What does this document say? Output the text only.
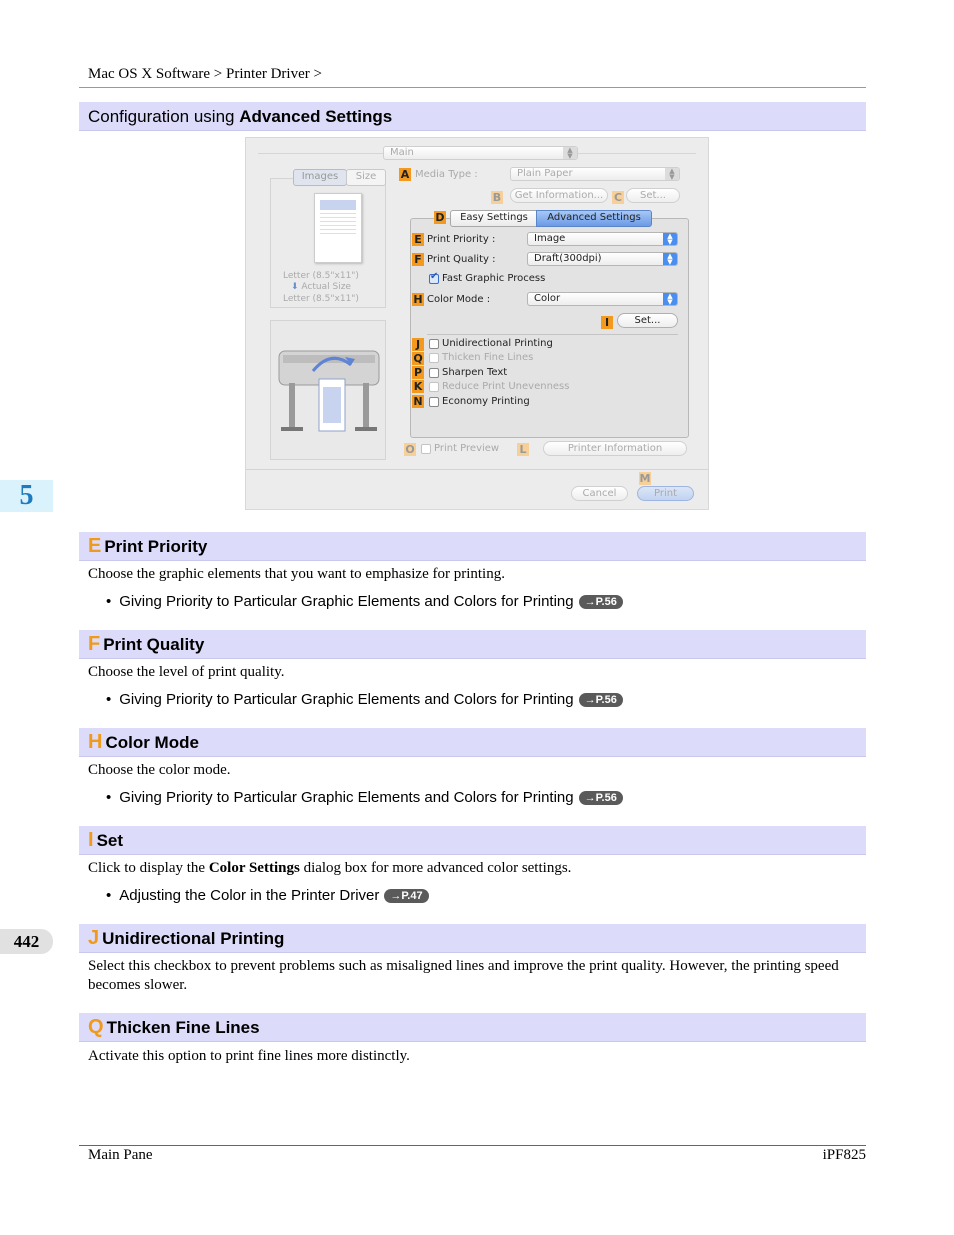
Mac OS X Software > Printer Driver >
Configuration using Advanced Settings
Main	▲
▼
Images	Size
Letter (8.5"x11")
⬇ Actual Size
Letter (8.5"x11")
A Media Type :	Plain Paper	▲
▼
B	Get Information... C	Set...
D	Easy Settings	Advanced Settings
E Print Priority :	Image	▲
▼
F Print Quality :	Draft(300dpi)	▲
▼
✔ Fast Graphic Process
H Color Mode :	Color	▲
▼
I	Set...
J	Unidirectional Printing
Q Thicken Fine Lines
P Sharpen Text
K Reduce Print Unevenness
N Economy Printing
O Print Preview L	Printer Information
M
Cancel	Print
5
442
E Print Priority
Choose the graphic elements that you want to emphasize for printing.
• Giving Priority to Particular Graphic Elements and Colors for Printing →P.56
F Print Quality
Choose the level of print quality.
• Giving Priority to Particular Graphic Elements and Colors for Printing →P.56
H Color Mode
Choose the color mode.
• Giving Priority to Particular Graphic Elements and Colors for Printing →P.56
I Set
Click to display the Color Settings dialog box for more advanced color settings.
• Adjusting the Color in the Printer Driver →P.47
J Unidirectional Printing
Select this checkbox to prevent problems such as misaligned lines and improve the print quality. However, the printing speed becomes slower.
Q Thicken Fine Lines
Activate this option to print fine lines more distinctly.
Main Pane	iPF825
